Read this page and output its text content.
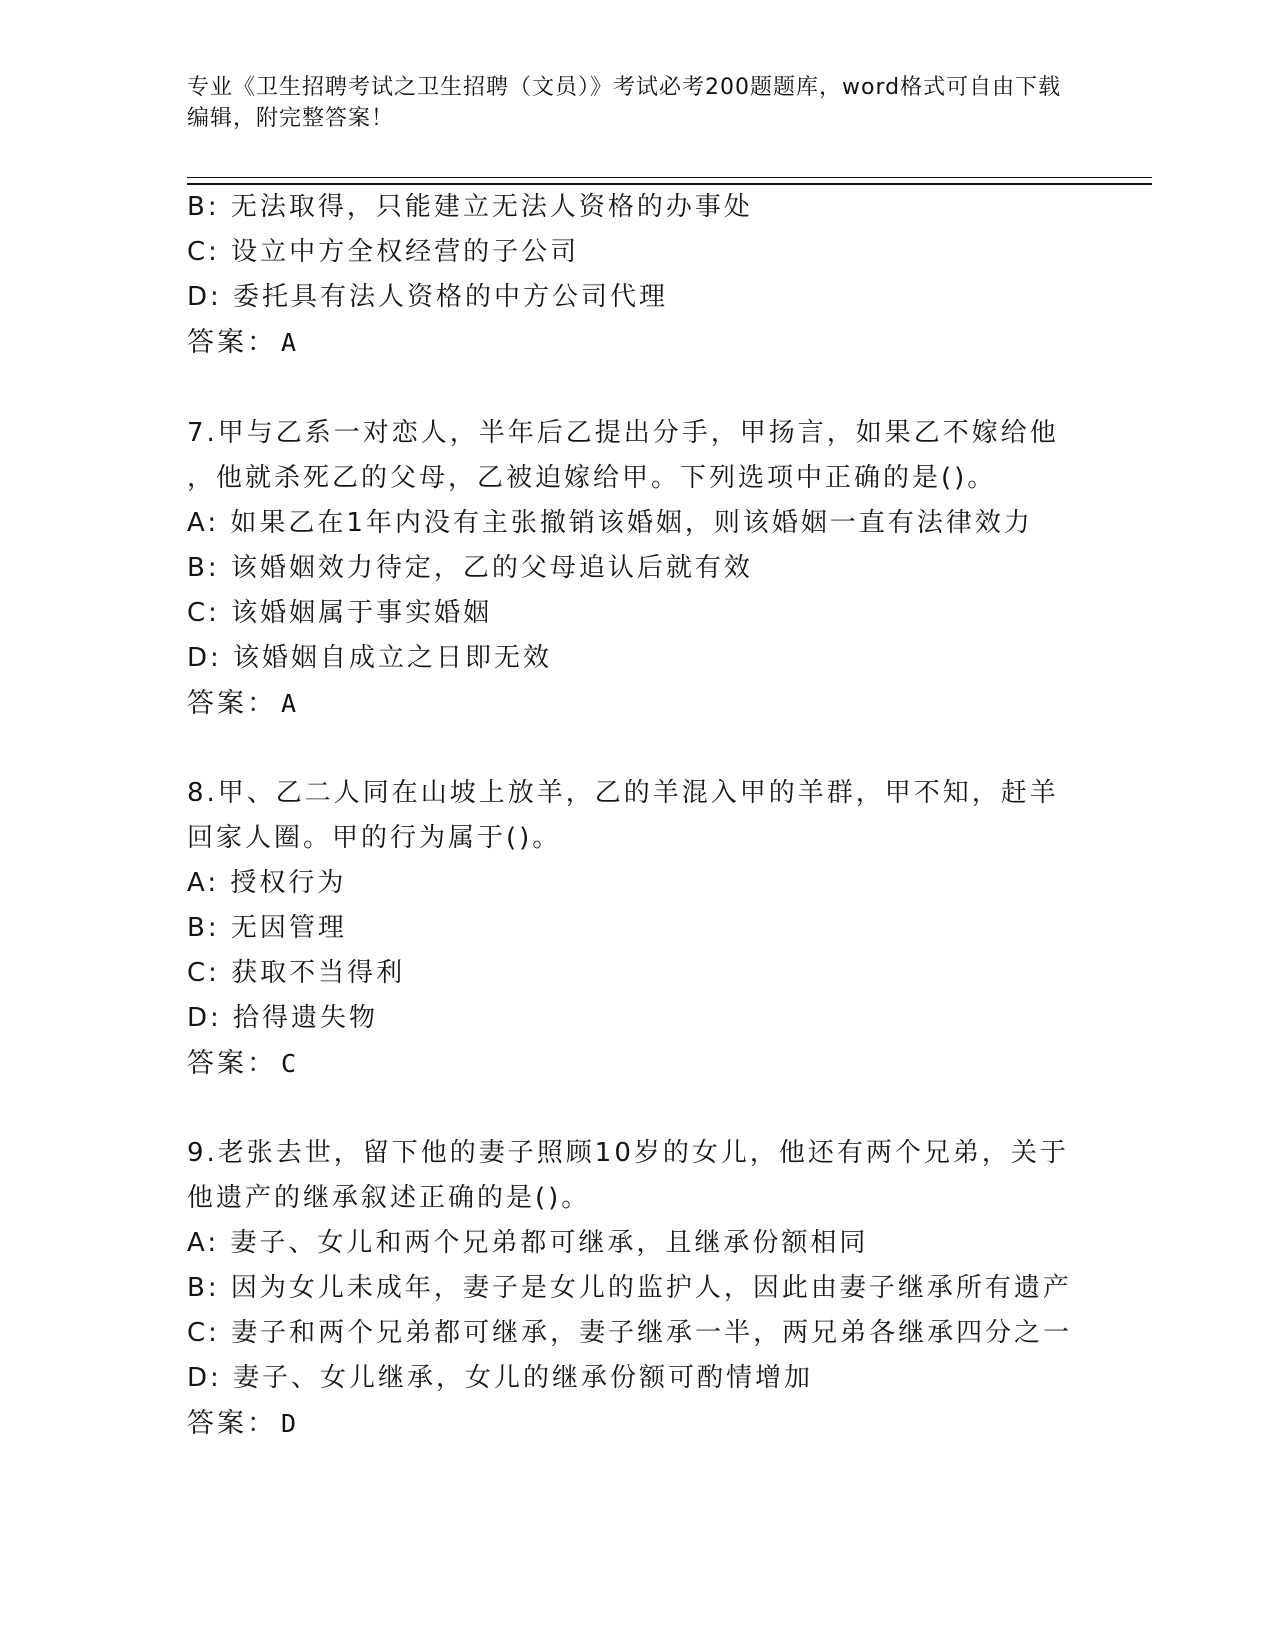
专业《卫生招聘考试之卫生招聘（文员）》考试必考200题题库，word格式可自由下载编辑，附完整答案！
B: 无法取得，只能建立无法人资格的办事处
C: 设立中方全权经营的子公司
D: 委托具有法人资格的中方公司代理
答案： A
7.甲与乙系一对恋人，半年后乙提出分手，甲扬言，如果乙不嫁给他
，他就杀死乙的父母，乙被迫嫁给甲。下列选项中正确的是()。
A: 如果乙在1年内没有主张撤销该婚姻，则该婚姻一直有法律效力
B: 该婚姻效力待定，乙的父母追认后就有效
C: 该婚姻属于事实婚姻
D: 该婚姻自成立之日即无效
答案： A
8.甲、乙二人同在山坡上放羊，乙的羊混入甲的羊群，甲不知，赶羊
回家人圈。甲的行为属于()。
A: 授权行为
B: 无因管理
C: 获取不当得利
D: 拾得遗失物
答案： C
9.老张去世，留下他的妻子照顾10岁的女儿，他还有两个兄弟，关于
他遗产的继承叙述正确的是()。
A: 妻子、女儿和两个兄弟都可继承，且继承份额相同
B: 因为女儿未成年，妻子是女儿的监护人，因此由妻子继承所有遗产
C: 妻子和两个兄弟都可继承，妻子继承一半，两兄弟各继承四分之一
D: 妻子、女儿继承，女儿的继承份额可酌情增加
答案： D
